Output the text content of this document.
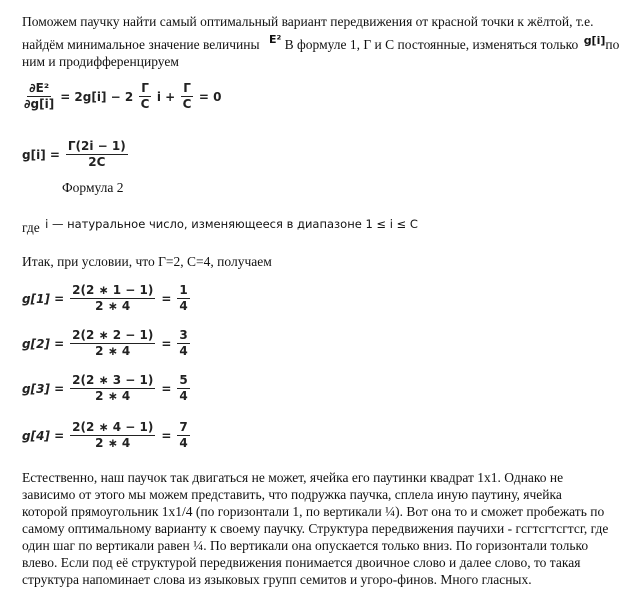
Поможем паучку найти самый оптимальный вариант передвижения от красной точки к жёлтой, т.е.
найдём минимальное значение величины $^{E^2}$ В формуле 1, Г и С постоянные, изменяться только $^{g[i]}$по
ним и продифференцируем
$\frac{\text{∂E²}}{\partial g[i]} = 2g[i] - 2 \frac{Г}{C}$ $i + \frac{Г}{C} = 0$
$g[i] = \frac{Г(2i - 1)}{2C}$
Формула 2
где i — натуральное число, изменяющееся в диапазоне 1 ≤ i ≤ C
Итак, при условии, что Г=2, С=4, получаем
$g[1] = \frac{2(2 ∗ 1 - 1)}{2 ∗ 4} = \frac{1}{4}$
$g[2] = \frac{2(2 ∗ 2 - 1)}{2 ∗ 4} = \frac{3}{4}$
$g[3] = \frac{2(2 ∗ 3 - 1)}{2 ∗ 4} = \frac{5}{4}$
$g[4] = \frac{2(2 ∗ 4 - 1)}{2 ∗ 4} = \frac{7}{4}$
Естественно, наш паучок так двигаться не может, ячейка его паутинки квадрат 1х1. Однако не
зависимо от этого мы можем представить, что подружка паучка, сплела иную паутину, ячейка
которой прямоугольник 1х1/4 (по горизонтали 1, по вертикали ¼). Вот она то и сможет пробежать по
самому оптимальному варианту к своему паучку. Структура передвижения паучихи - гсгтсгтсгтсг, где
один шаг по вертикали равен ¼. По вертикали она опускается только вниз. По горизонтали только
влево. Если под её структурой передвижения понимается двоичное слово и далее слово, то такая
структура напоминает слова из языковых групп семитов и угоро-финов. Много гласных.
